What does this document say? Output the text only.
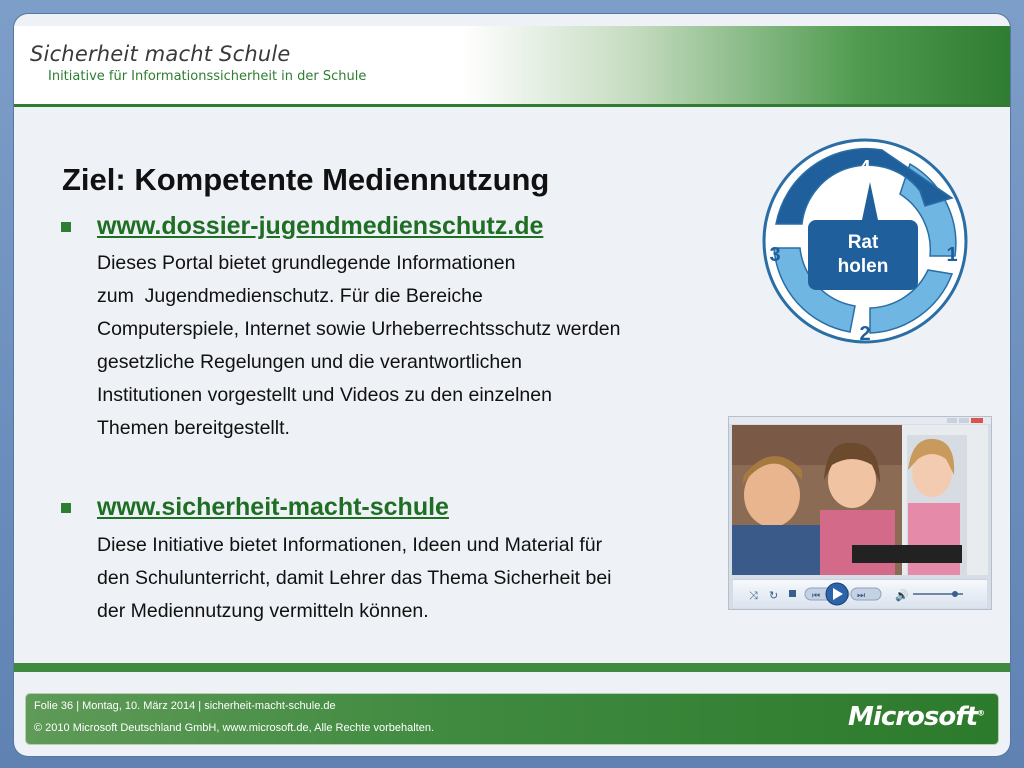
Sicherheit macht Schule
Initiative für Informationssicherheit in der Schule
Ziel: Kompetente Mediennutzung
www.dossier-jugendmedienschutz.de
Dieses Portal bietet grundlegende Informationen
zum  Jugendmedienschutz. Für die Bereiche
Computerspiele, Internet sowie Urheberrechtsschutz werden
gesetzliche Regelungen und die verantwortlichen
Institutionen vorgestellt und Videos zu den einzelnen
Themen bereitgestellt.
www.sicherheit-macht-schule
Diese Initiative bietet Informationen, Ideen und Material für
den Schulunterricht, damit Lehrer das Thema Sicherheit bei
der Mediennutzung vermitteln können.
Rat
holen
1
2
3
4
⤨ ↻	⏮	⏭	🔊
Folie 36 | Montag, 10. März 2014 | sicherheit-macht-schule.de
© 2010 Microsoft Deutschland GmbH, www.microsoft.de, Alle Rechte vorbehalten.	Microsoft®
